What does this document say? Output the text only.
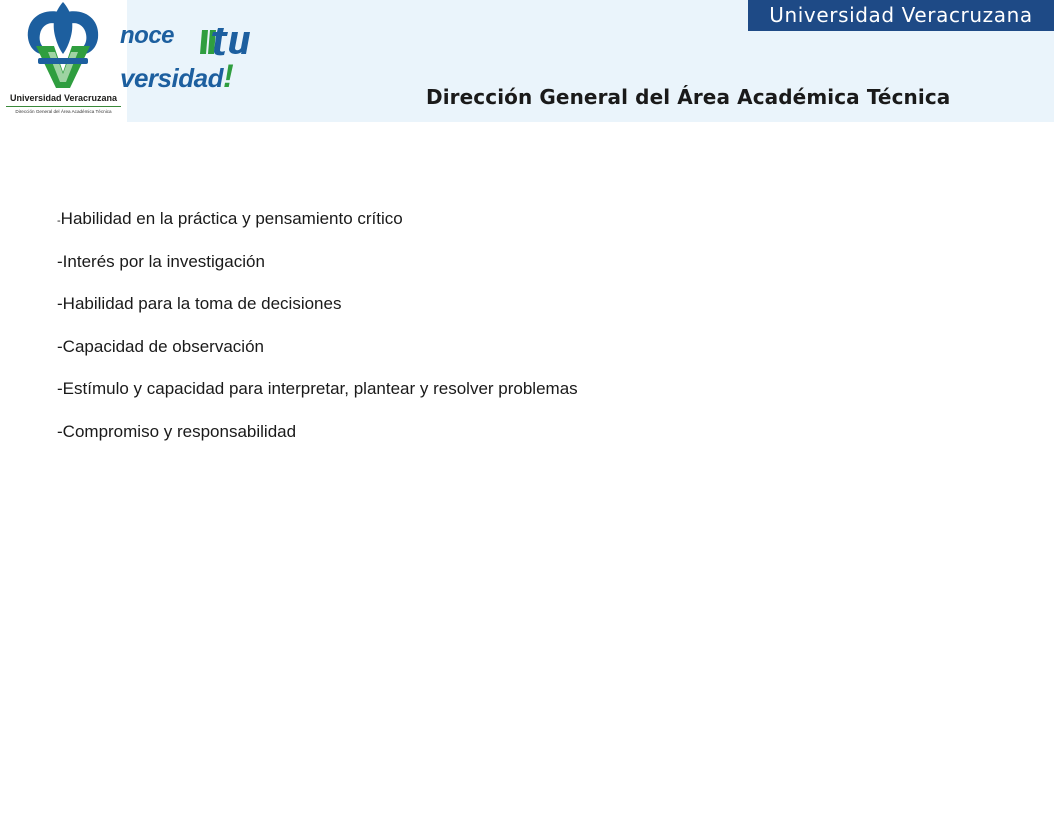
Universidad Veracruzana
Dirección General del Área Académica Técnica
noce
versidad!
Universidad Veracruzana
Dirección General del Área Académica Técnica
-Habilidad en la práctica y pensamiento crítico
-Interés por la investigación
-Habilidad para la toma de decisiones
-Capacidad de observación
-Estímulo y capacidad para interpretar, plantear y resolver problemas
-Compromiso y responsabilidad
